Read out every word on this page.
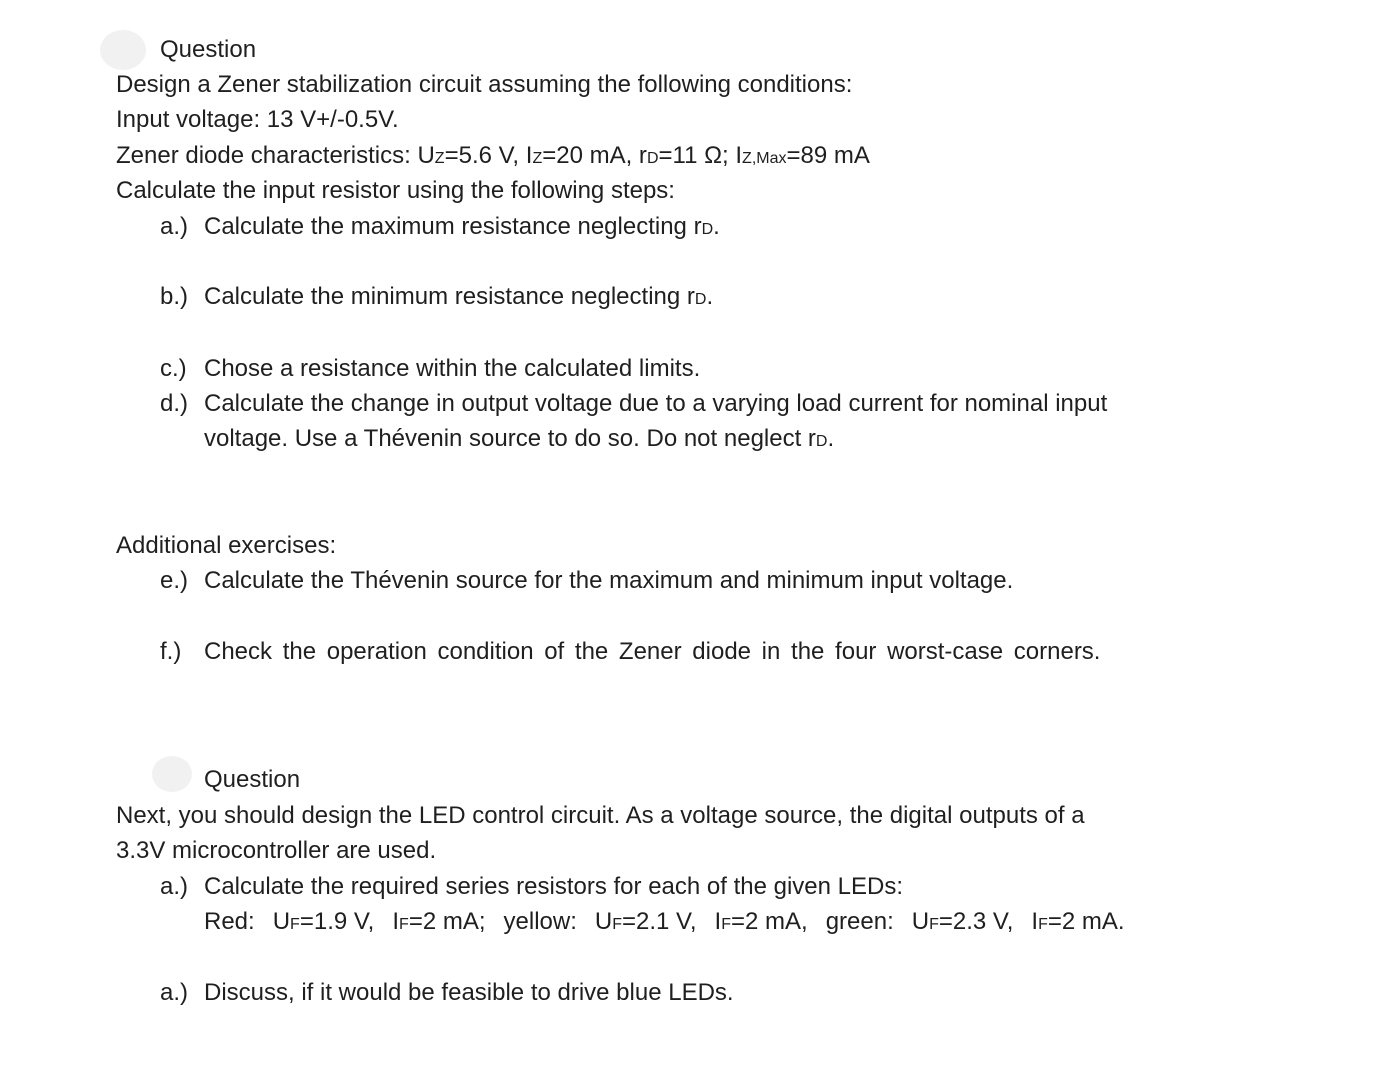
Question
Design a Zener stabilization circuit assuming the following conditions:
Input voltage: 13 V+/-0.5V.
Zener diode characteristics: UZ=5.6 V, IZ=20 mA, rD=11 Ω; IZ,Max=89 mA
Calculate the input resistor using the following steps:
a.) Calculate the maximum resistance neglecting rD.
b.) Calculate the minimum resistance neglecting rD.
c.) Chose a resistance within the calculated limits.
d.) Calculate the change in output voltage due to a varying load current for nominal input
voltage. Use a Thévenin source to do so. Do not neglect rD.
Additional exercises:
e.) Calculate the Thévenin source for the maximum and minimum input voltage.
f.) Check the operation condition of the Zener diode in the four worst-case corners.
Question
Next, you should design the LED control circuit. As a voltage source, the digital outputs of a
3.3V microcontroller are used.
a.) Calculate the required series resistors for each of the given LEDs:
Red: UF=1.9 V, IF=2 mA; yellow: UF=2.1 V, IF=2 mA, green: UF=2.3 V, IF=2 mA.
a.) Discuss, if it would be feasible to drive blue LEDs.
